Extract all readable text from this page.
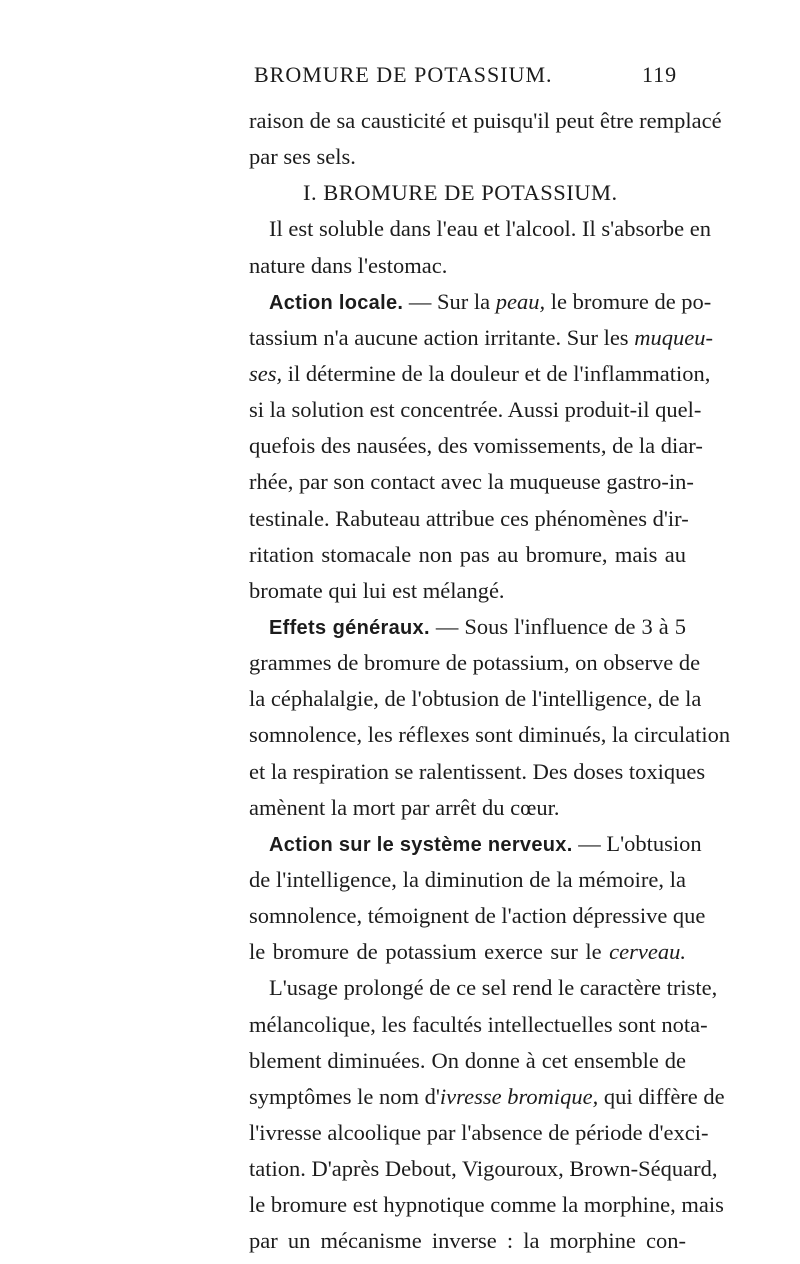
BROMURE DE POTASSIUM.	119
raison de sa causticité et puisqu'il peut être remplacé
par ses sels.
I. BROMURE DE POTASSIUM.
Il est soluble dans l'eau et l'alcool. Il s'absorbe en
nature dans l'estomac.
Action locale. — Sur la peau, le bromure de po-
tassium n'a aucune action irritante. Sur les muqueu-
ses, il détermine de la douleur et de l'inflammation,
si la solution est concentrée. Aussi produit-il quel-
quefois des nausées, des vomissements, de la diar-
rhée, par son contact avec la muqueuse gastro-in-
testinale. Rabuteau attribue ces phénomènes d'ir-
ritation stomacale non pas au bromure, mais au
bromate qui lui est mélangé.
Effets généraux. — Sous l'influence de 3 à 5
grammes de bromure de potassium, on observe de
la céphalalgie, de l'obtusion de l'intelligence, de la
somnolence, les réflexes sont diminués, la circulation
et la respiration se ralentissent. Des doses toxiques
amènent la mort par arrêt du cœur.
Action sur le système nerveux. — L'obtusion
de l'intelligence, la diminution de la mémoire, la
somnolence, témoignent de l'action dépressive que
le bromure de potassium exerce sur le cerveau.
L'usage prolongé de ce sel rend le caractère triste,
mélancolique, les facultés intellectuelles sont nota-
blement diminuées. On donne à cet ensemble de
symptômes le nom d'ivresse bromique, qui diffère de
l'ivresse alcoolique par l'absence de période d'exci-
tation. D'après Debout, Vigouroux, Brown-Séquard,
le bromure est hypnotique comme la morphine, mais
par un mécanisme inverse : la morphine con-
